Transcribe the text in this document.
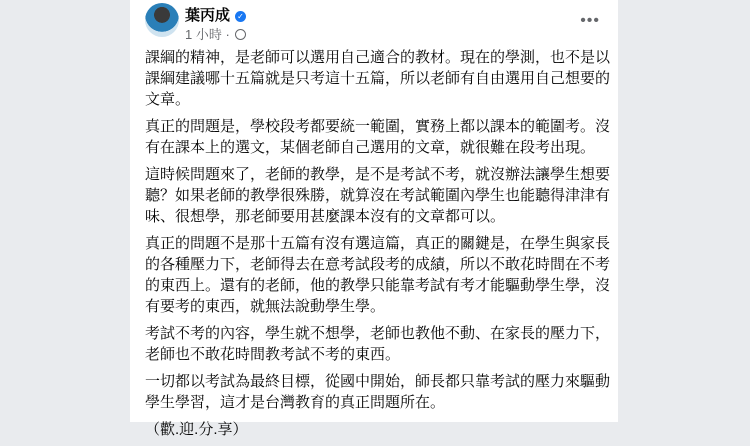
葉丙成 ✓
1 小時 ·
•••
課綱的精神，是老師可以選用自己適合的教材。現在的學測，也不是以
課綱建議哪十五篇就是只考這十五篇，所以老師有自由選用自己想要的
文章。
真正的問題是，學校段考都要統一範圍，實務上都以課本的範圍考。沒
有在課本上的選文，某個老師自己選用的文章，就很難在段考出現。
這時候問題來了，老師的教學，是不是考試不考，就沒辦法讓學生想要
聽？如果老師的教學很殊勝，就算沒在考試範圍內學生也能聽得津津有
味、很想學，那老師要用甚麼課本沒有的文章都可以。
真正的問題不是那十五篇有沒有選這篇，真正的關鍵是，在學生與家長
的各種壓力下，老師得去在意考試段考的成績，所以不敢花時間在不考
的東西上。還有的老師，他的教學只能靠考試有考才能驅動學生學，沒
有要考的東西，就無法說動學生學。
考試不考的內容，學生就不想學，老師也教他不動、在家長的壓力下，
老師也不敢花時間教考試不考的東西。
一切都以考試為最終目標，從國中開始，師長都只靠考試的壓力來驅動
學生學習，這才是台灣教育的真正問題所在。
（歡.迎.分.享）
